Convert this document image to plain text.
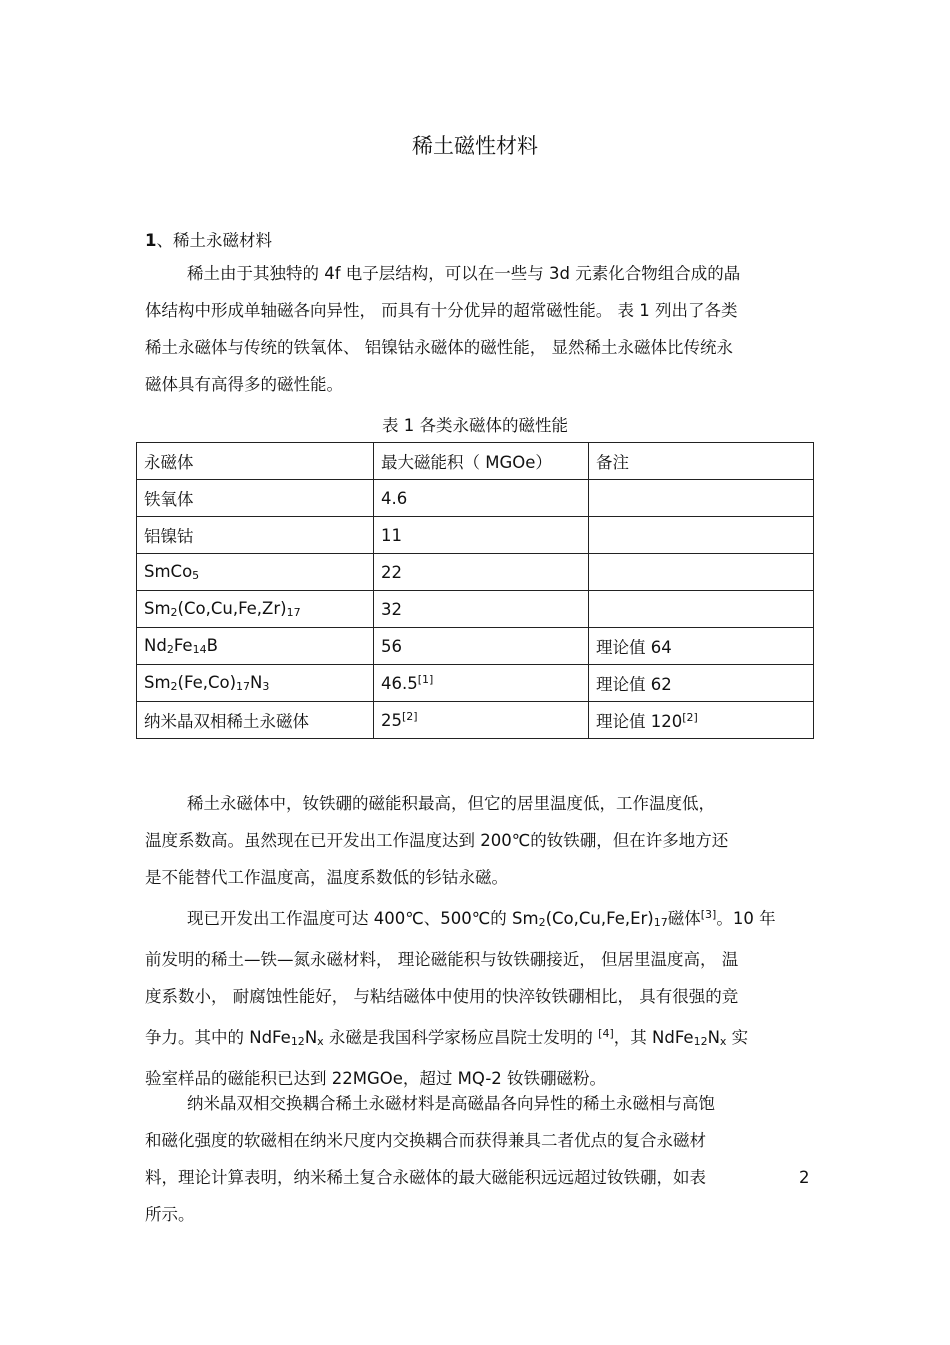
稀土磁性材料
1、稀土永磁材料
稀土由于其独特的 4f 电子层结构，可以在一些与 3d 元素化合物组合成的晶
体结构中形成单轴磁各向异性， 而具有十分优异的超常磁性能。 表 1 列出了各类
稀土永磁体与传统的铁氧体、 铝镍钴永磁体的磁性能， 显然稀土永磁体比传统永
磁体具有高得多的磁性能。
表 1 各类永磁体的磁性能
永磁体	最大磁能积（ MGOe）	备注
铁氧体	4.6	
铝镍钴	11	
SmCo$_5$	22	
$Sm_2(Co,Cu,Fe,Zr)_{17}$	32	
$Nd_2Fe_{14}B$	56	理论值 64
$Sm_2(Fe,Co)_{17}N_3$	46.5[1]	理论值 62
纳米晶双相稀土永磁体	25[2]	理论值 120[2]
稀土永磁体中，钕铁硼的磁能积最高，但它的居里温度低，工作温度低，
温度系数高。虽然现在已开发出工作温度达到 200℃的钕铁硼，但在许多地方还
是不能替代工作温度高，温度系数低的钐钴永磁。
现已开发出工作温度可达 400℃、500℃的 $Sm_2(Co,Cu,Fe,Er)_{17}$磁体[3]。10 年
前发明的稀土—铁—氮永磁材料， 理论磁能积与钕铁硼接近， 但居里温度高， 温
度系数小， 耐腐蚀性能好， 与粘结磁体中使用的快淬钕铁硼相比， 具有很强的竞
争力。其中的 $NdFe_{12}N_x$ 永磁是我国科学家杨应昌院士发明的 [4]，其 $NdFe_{12}N_x$ 实
验室样品的磁能积已达到 22MGOe，超过 MQ-2 钕铁硼磁粉。
纳米晶双相交换耦合稀土永磁材料是高磁晶各向异性的稀土永磁相与高饱
和磁化强度的软磁相在纳米尺度内交换耦合而获得兼具二者优点的复合永磁材
料，理论计算表明，纳米稀土复合永磁体的最大磁能积远远超过钕铁硼，如表	2
所示。
